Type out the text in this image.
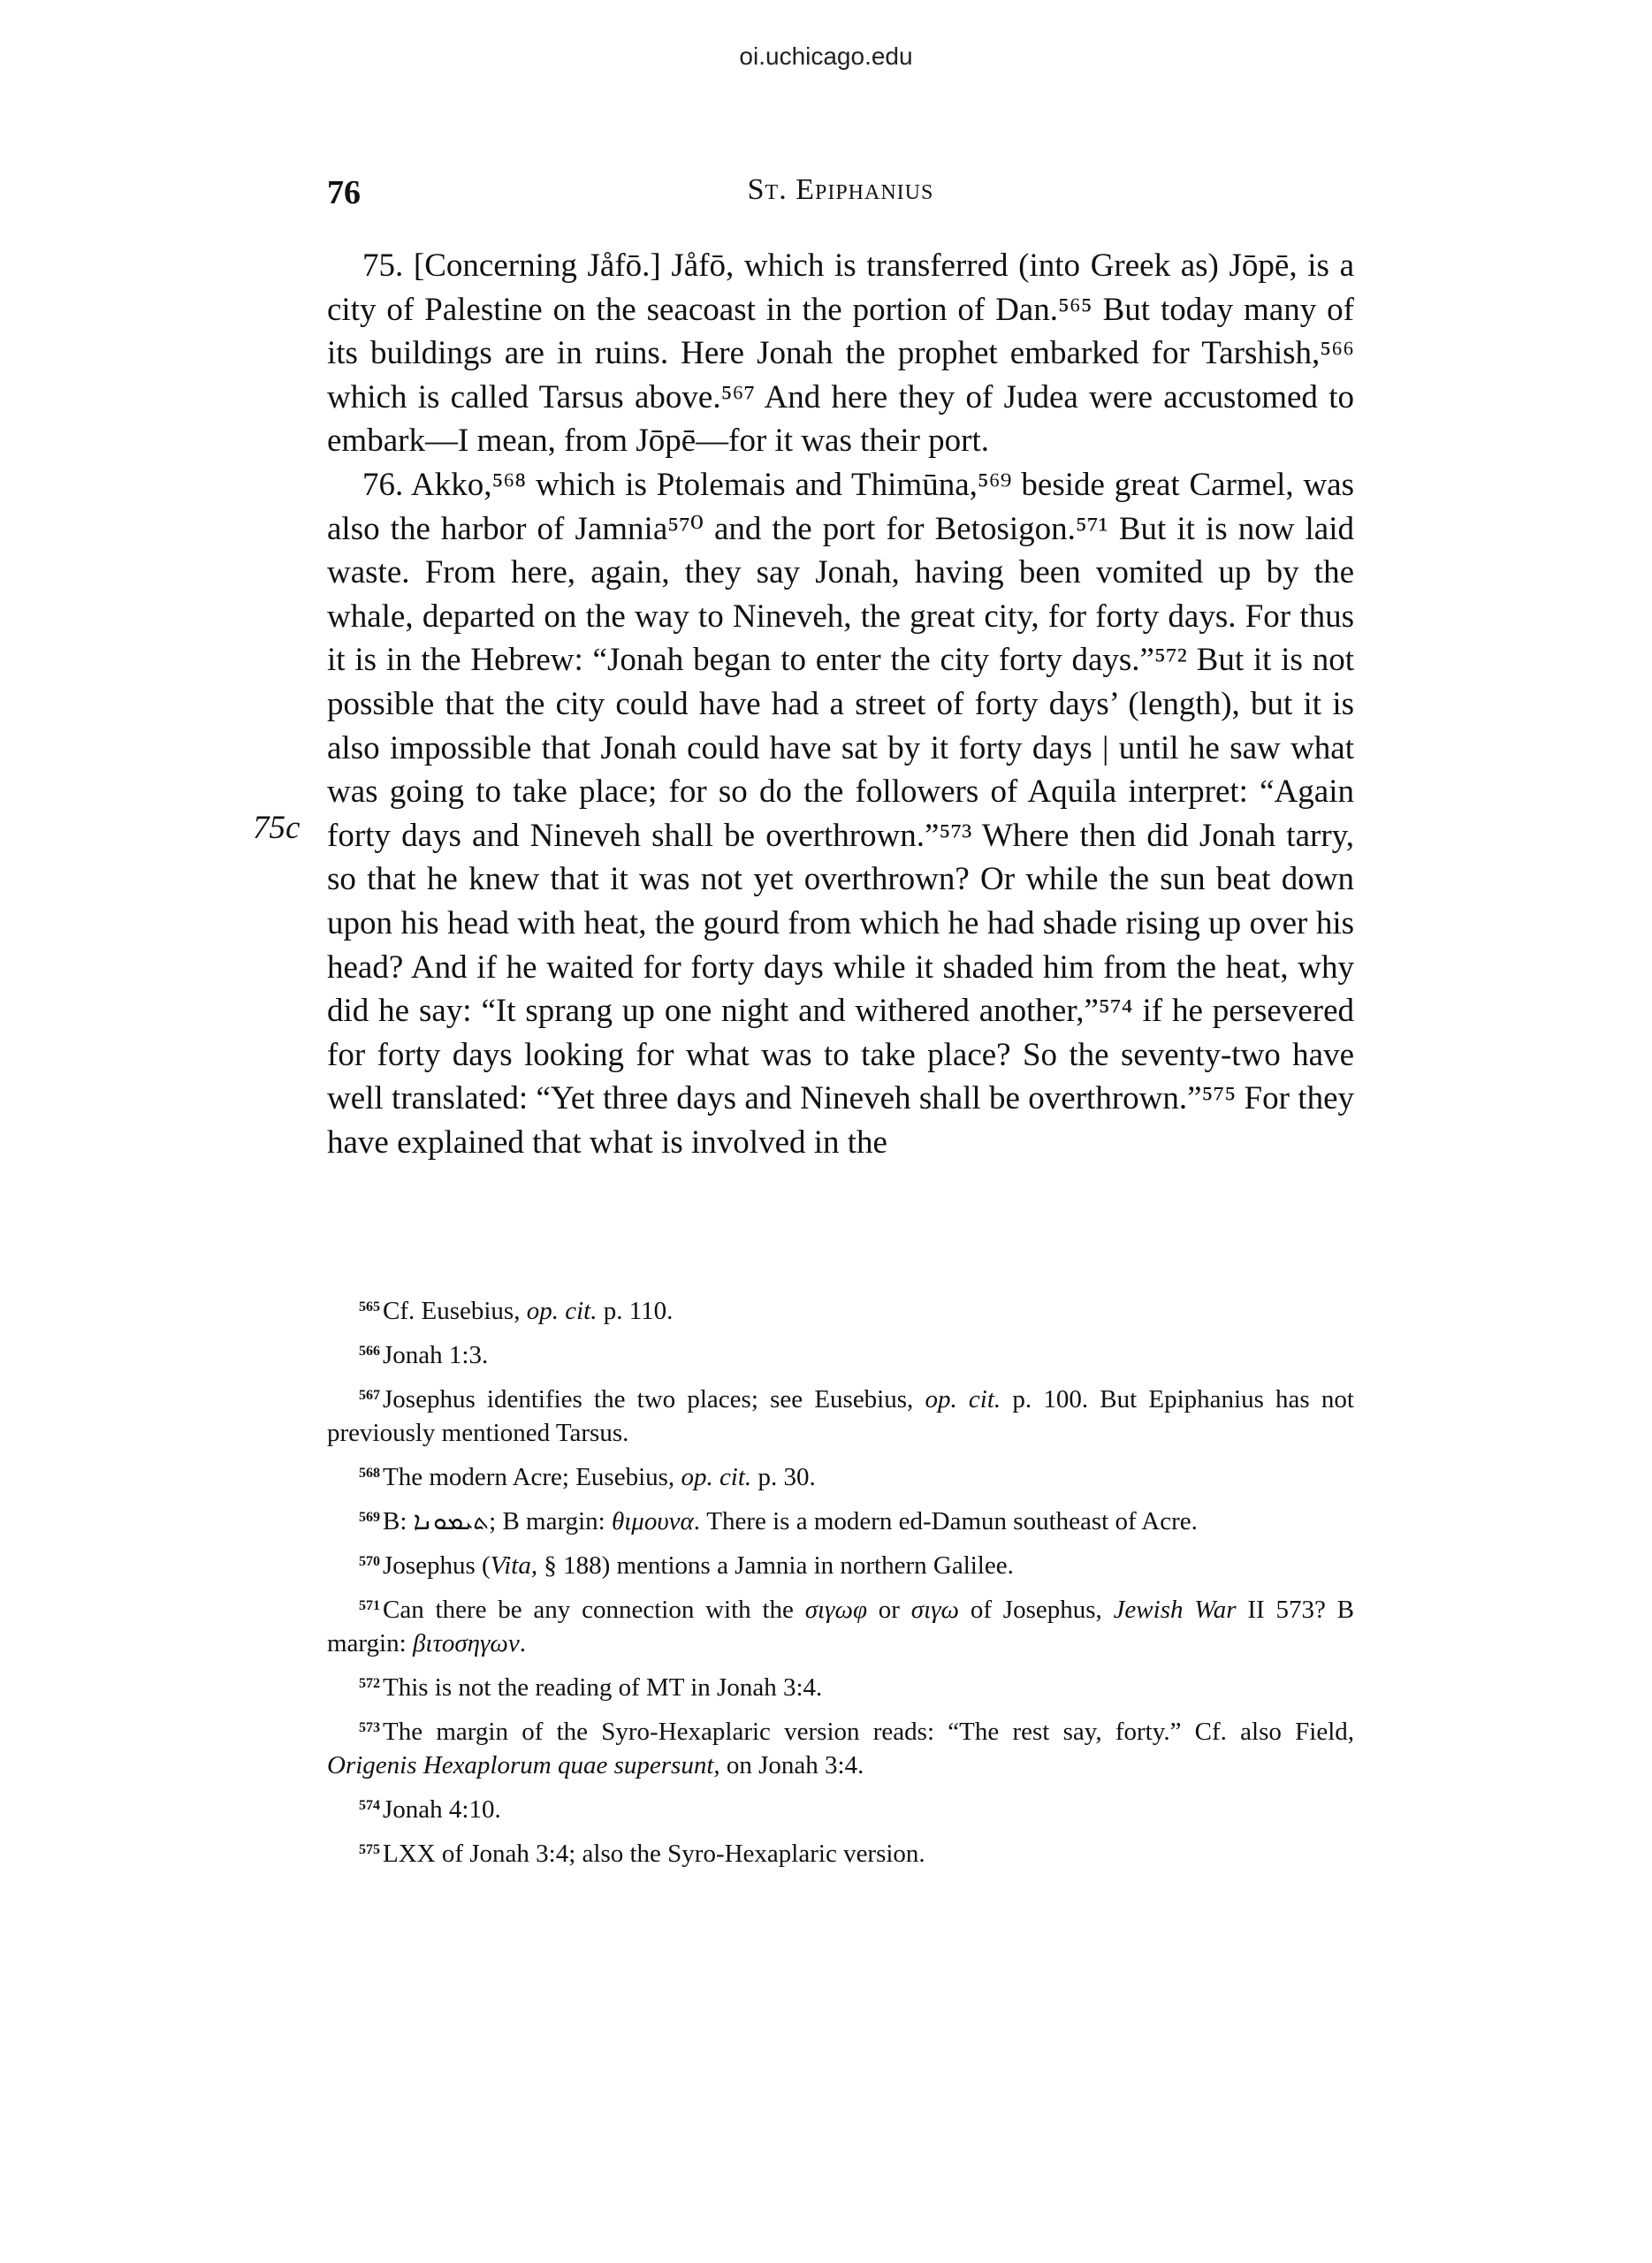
oi.uchicago.edu
76	St. Epiphanius
75c

75. [Concerning Jåfō.] Jåfō, which is transferred (into Greek as) Jōpē, is a city of Palestine on the seacoast in the portion of Dan.⁵⁶⁵ But today many of its buildings are in ruins. Here Jonah the prophet embarked for Tarshish,⁵⁶⁶ which is called Tarsus above.⁵⁶⁷ And here they of Judea were accustomed to embark—I mean, from Jōpē—for it was their port.

76. Akko,⁵⁶⁸ which is Ptolemais and Thimūna,⁵⁶⁹ beside great Carmel, was also the harbor of Jamnia⁵⁷⁰ and the port for Betosigon.⁵⁷¹ But it is now laid waste. From here, again, they say Jonah, having been vomited up by the whale, departed on the way to Nineveh, the great city, for forty days. For thus it is in the Hebrew: “Jonah began to enter the city forty days.”⁵⁷² But it is not possible that the city could have had a street of forty days’ (length), but it is also impossible that Jonah could have sat by it forty days | until he saw what was going to take place; for so do the followers of Aquila interpret: “Again forty days and Nineveh shall be overthrown.”⁵⁷³ Where then did Jonah tarry, so that he knew that it was not yet overthrown? Or while the sun beat down upon his head with heat, the gourd from which he had shade rising up over his head? And if he waited for forty days while it shaded him from the heat, why did he say: “It sprang up one night and withered another,”⁵⁷⁴ if he persevered for forty days looking for what was to take place? So the seventy-two have well translated: “Yet three days and Nineveh shall be overthrown.”⁵⁷⁵ For they have explained that what is involved in the

$^{565}$ Cf. Eusebius, op. cit. p. 110.

$^{566}$ Jonah 1:3.

$^{567}$ Josephus identifies the two places; see Eusebius, op. cit. p. 100. But Epiphanius has not previously mentioned Tarsus.

$^{568}$ The modern Acre; Eusebius, op. cit. p. 30.

$^{569}$ B: ܬܝܡܘܢܐ; B margin: θιμουνα. There is a modern ed-Damun southeast of Acre.

$^{570}$ Josephus (Vita, § 188) mentions a Jamnia in northern Galilee.

$^{571}$ Can there be any connection with the σιγωφ or σιγω of Josephus, Jewish War II 573? B margin: βιτοσηγων.

$^{572}$ This is not the reading of MT in Jonah 3:4.

$^{573}$ The margin of the Syro-Hexaplaric version reads: “The rest say, forty.” Cf. also Field, Origenis Hexaplorum quae supersunt, on Jonah 3:4.

$^{574}$ Jonah 4:10.

$^{575}$ LXX of Jonah 3:4; also the Syro-Hexaplaric version.
